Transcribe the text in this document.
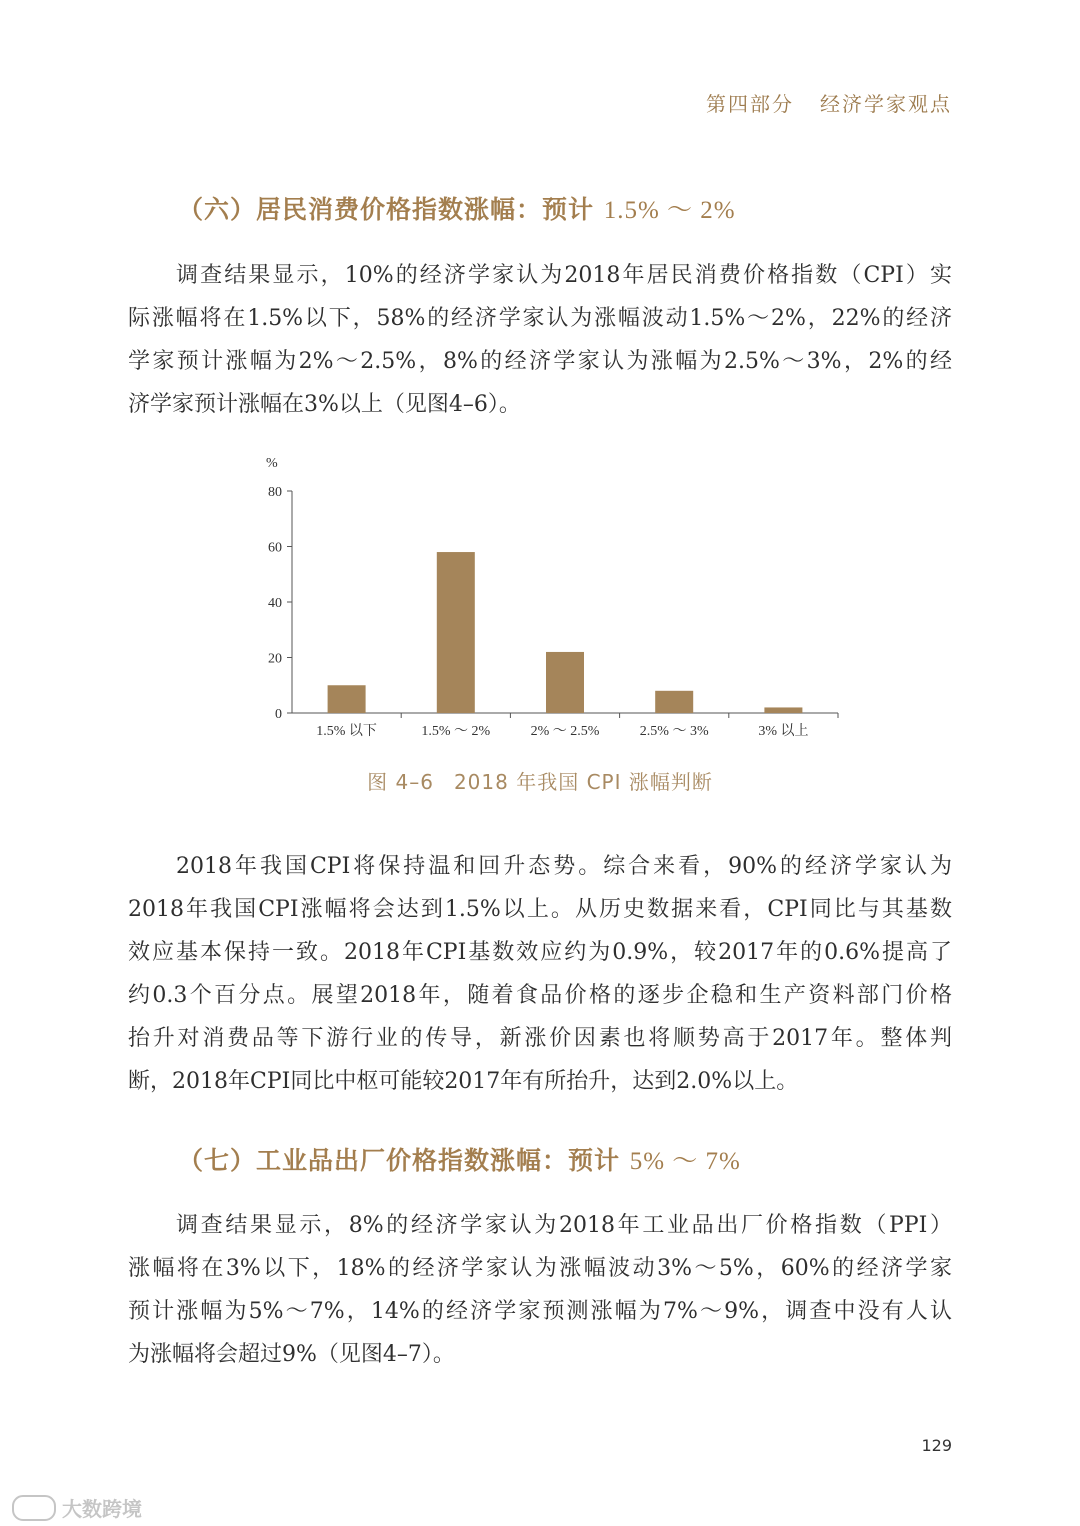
第四部分 经济学家观点
（六）居民消费价格指数涨幅：预计 1.5% ～ 2%
调查结果显示，10%的经济学家认为2018年居民消费价格指数（CPI）实
际涨幅将在1.5%以下，58%的经济学家认为涨幅波动1.5%～2%，22%的经济
学家预计涨幅为2%～2.5%，8%的经济学家认为涨幅为2.5%～3%，2%的经
济学家预计涨幅在3%以上（见图4–6）。
%
0
20
40
60
80
1.5% 以下	1.5% ～ 2%	2% ～ 2.5%	2.5% ～ 3%	3% 以上
图 4–6 2018 年我国 CPI 涨幅判断
2018年我国CPI将保持温和回升态势。综合来看，90%的经济学家认为
2018年我国CPI涨幅将会达到1.5%以上。从历史数据来看，CPI同比与其基数
效应基本保持一致。2018年CPI基数效应约为0.9%，较2017年的0.6%提高了
约0.3个百分点。展望2018年，随着食品价格的逐步企稳和生产资料部门价格
抬升对消费品等下游行业的传导，新涨价因素也将顺势高于2017年。整体判
断，2018年CPI同比中枢可能较2017年有所抬升，达到2.0%以上。
（七）工业品出厂价格指数涨幅：预计 5% ～ 7%
调查结果显示，8%的经济学家认为2018年工业品出厂价格指数（PPI）
涨幅将在3%以下，18%的经济学家认为涨幅波动3%～5%，60%的经济学家
预计涨幅为5%～7%，14%的经济学家预测涨幅为7%～9%，调查中没有人认
为涨幅将会超过9%（见图4–7）。
129
大数跨境
